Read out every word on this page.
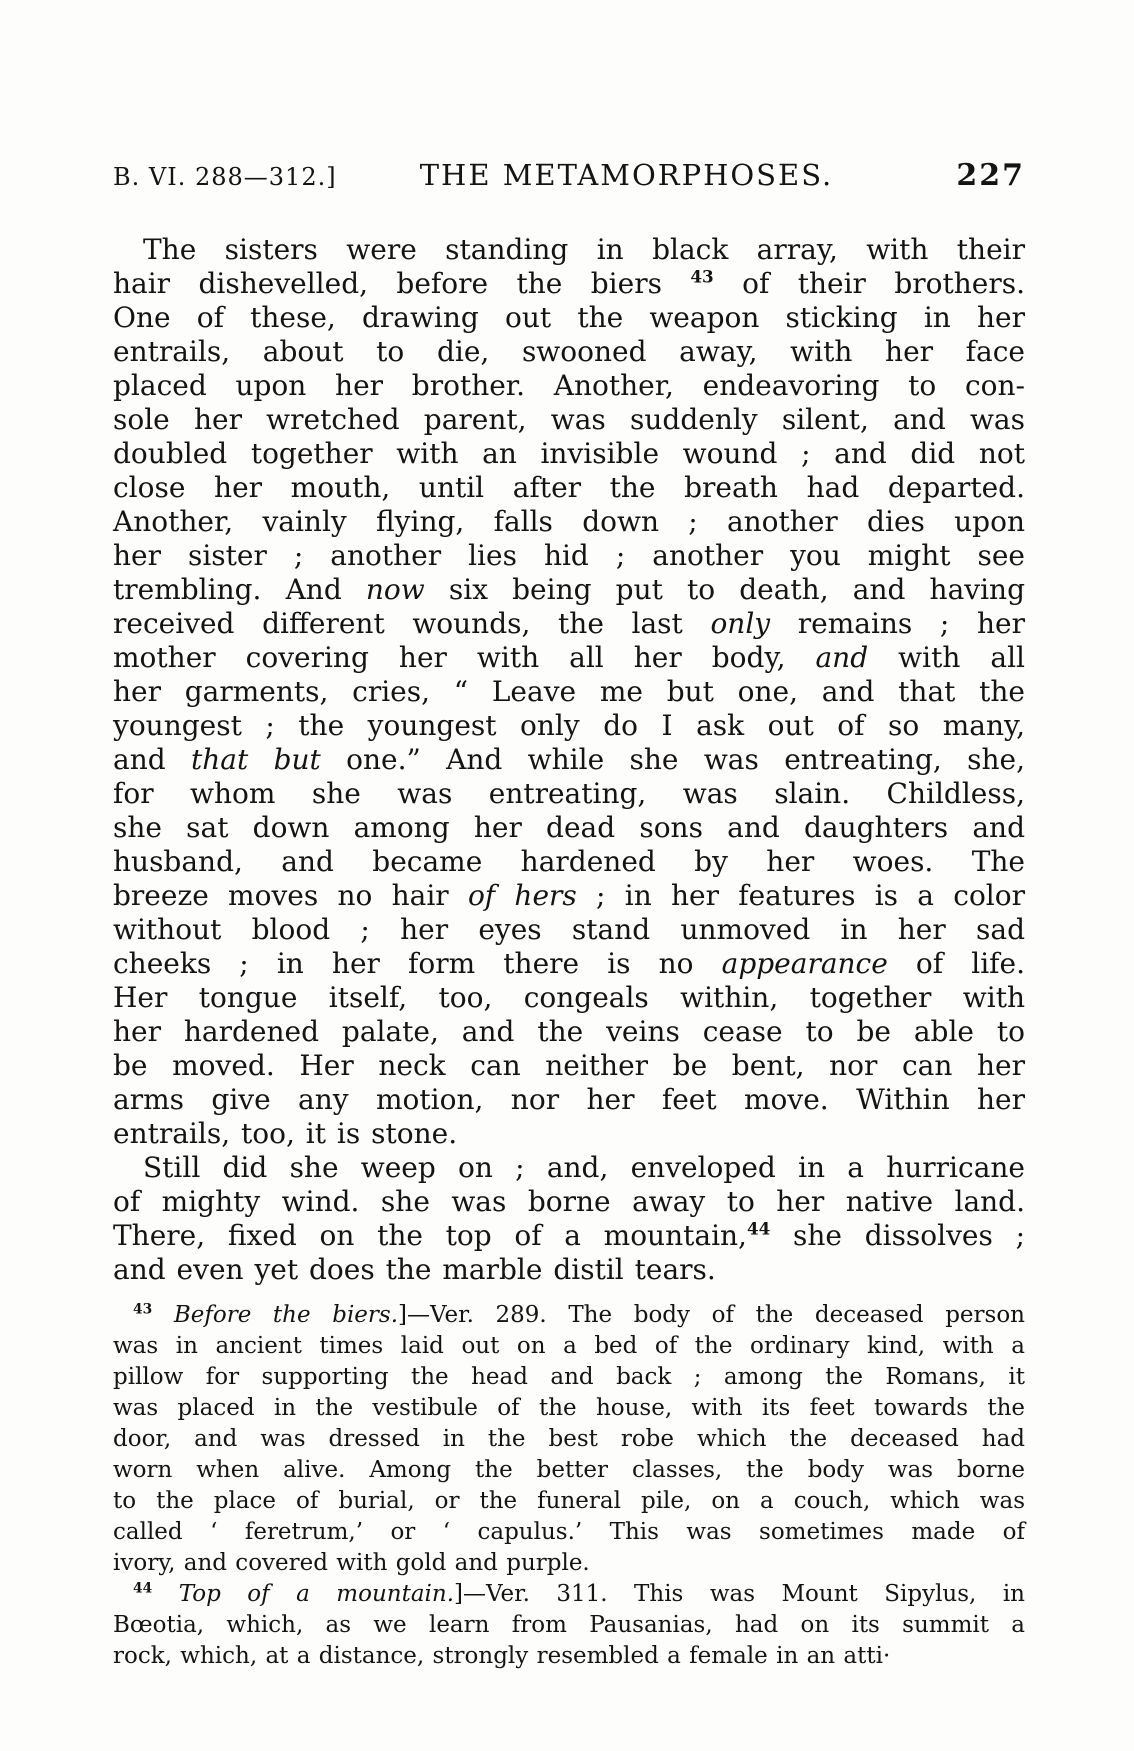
B. VI. 288—312.]	THE METAMORPHOSES.	227
The sisters were standing in black array, with their
hair dishevelled, before the biers $^{43}$ of their brothers.
One of these, drawing out the weapon sticking in her
entrails, about to die, swooned away, with her face
placed upon her brother. Another, endeavoring to con-
sole her wretched parent, was suddenly silent, and was
doubled together with an invisible wound ; and did not
close her mouth, until after the breath had departed.
Another, vainly flying, falls down ; another dies upon
her sister ; another lies hid ; another you might see
trembling. And now six being put to death, and having
received different wounds, the last only remains ; her
mother covering her with all her body, and with all
her garments, cries, “ Leave me but one, and that the
youngest ; the youngest only do I ask out of so many,
and that but one.” And while she was entreating, she,
for whom she was entreating, was slain. Childless,
she sat down among her dead sons and daughters and
husband, and became hardened by her woes. The
breeze moves no hair of hers ; in her features is a color
without blood ; her eyes stand unmoved in her sad
cheeks ; in her form there is no appearance of life.
Her tongue itself, too, congeals within, together with
her hardened palate, and the veins cease to be able to
be moved. Her neck can neither be bent, nor can her
arms give any motion, nor her feet move. Within her
entrails, too, it is stone.
Still did she weep on ; and, enveloped in a hurricane
of mighty wind. she was borne away to her native land.
There, fixed on the top of a mountain,$^{44}$ she dissolves ;
and even yet does the marble distil tears.
$^{43}$ Before the biers.]—Ver. 289. The body of the deceased person
was in ancient times laid out on a bed of the ordinary kind, with a
pillow for supporting the head and back ; among the Romans, it
was placed in the vestibule of the house, with its feet towards the
door, and was dressed in the best robe which the deceased had
worn when alive. Among the better classes, the body was borne
to the place of burial, or the funeral pile, on a couch, which was
called ‘ feretrum,’ or ‘ capulus.’ This was sometimes made of
ivory, and covered with gold and purple.
$^{44}$ Top of a mountain.]—Ver. 311. This was Mount Sipylus, in
Bœotia, which, as we learn from Pausanias, had on its summit a
rock, which, at a distance, strongly resembled a female in an atti·
